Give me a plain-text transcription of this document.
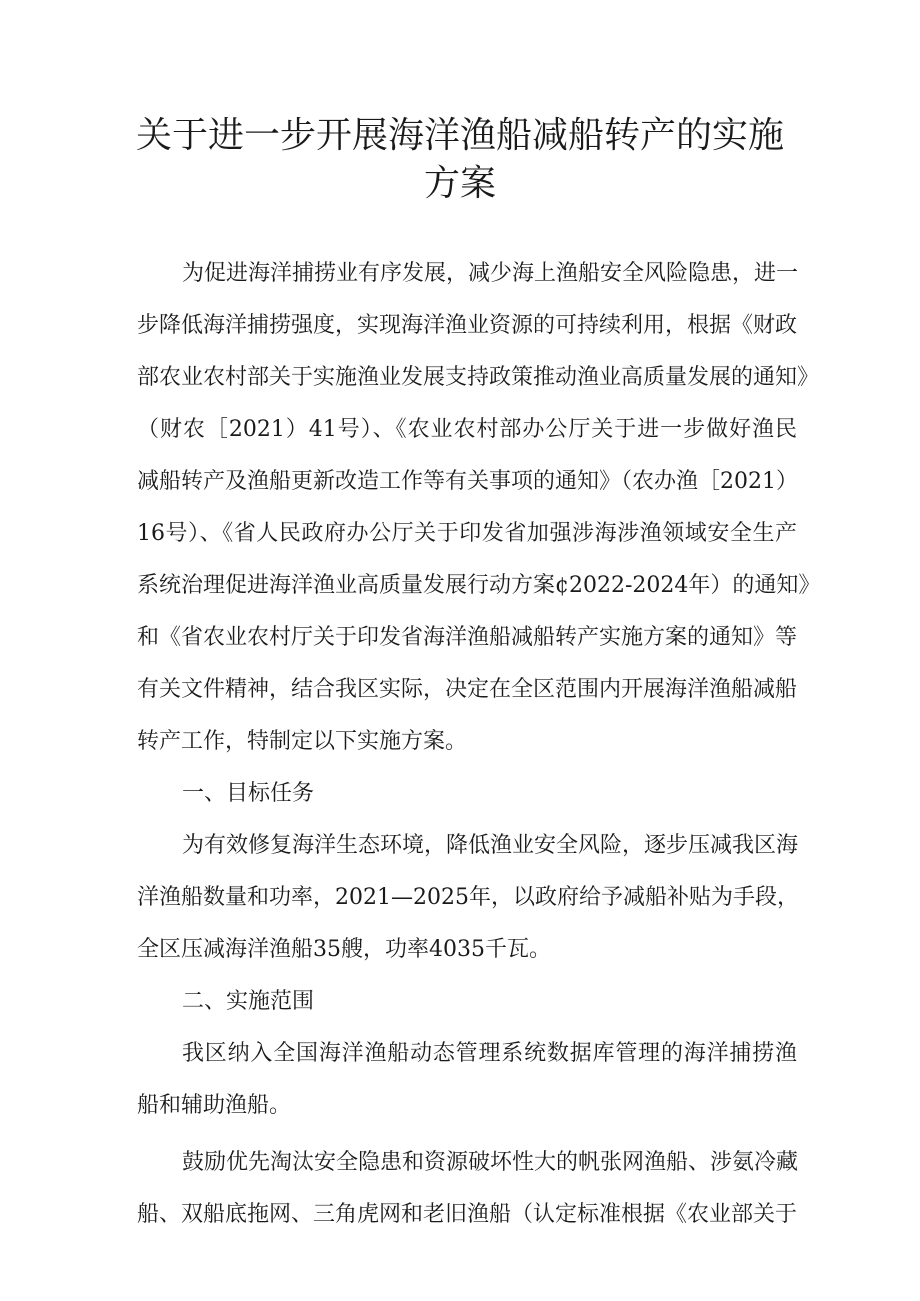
关于进一步开展海洋渔船减船转产的实施
方案
为促进海洋捕捞业有序发展，减少海上渔船安全风险隐患，进一
步降低海洋捕捞强度，实现海洋渔业资源的可持续利用，根据《财政
部农业农村部关于实施渔业发展支持政策推动渔业高质量发展的通知》
（财农［2021）41号）、《农业农村部办公厅关于进一步做好渔民
减船转产及渔船更新改造工作等有关事项的通知》（农办渔［2021）
16号）、《省人民政府办公厅关于印发省加强涉海涉渔领域安全生产
系统治理促进海洋渔业高质量发展行动方案¢2022-2024年）的通知》
和《省农业农村厅关于印发省海洋渔船减船转产实施方案的通知》等
有关文件精神，结合我区实际，决定在全区范围内开展海洋渔船减船
转产工作，特制定以下实施方案。
一、目标任务
为有效修复海洋生态环境，降低渔业安全风险，逐步压减我区海
洋渔船数量和功率，2021—2025年，以政府给予减船补贴为手段，
全区压减海洋渔船35艘，功率4035千瓦。
二、实施范围
我区纳入全国海洋渔船动态管理系统数据库管理的海洋捕捞渔
船和辅助渔船。
鼓励优先淘汰安全隐患和资源破坏性大的帆张网渔船、涉氨冷藏
船、双船底拖网、三角虎网和老旧渔船（认定标准根据《农业部关于
